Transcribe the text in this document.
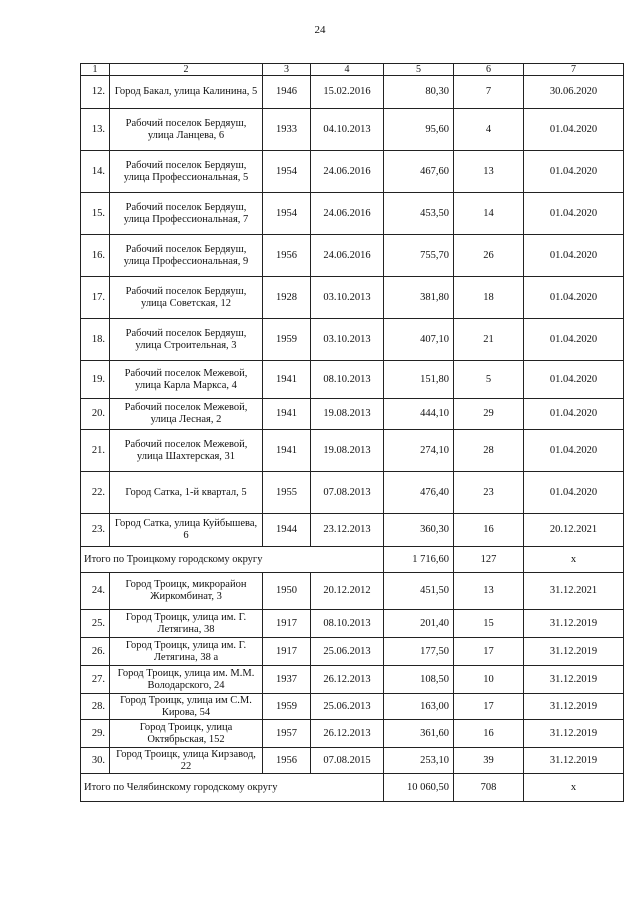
24
1	2	3	4	5	6	7
12.	Город Бакал, улица Калинина, 5	1946	15.02.2016	80,30	7	30.06.2020
13.	Рабочий поселок Бердяуш, улица Ланцева, 6	1933	04.10.2013	95,60	4	01.04.2020
14.	Рабочий поселок Бердяуш, улица Профессиональная, 5	1954	24.06.2016	467,60	13	01.04.2020
15.	Рабочий поселок Бердяуш, улица Профессиональная, 7	1954	24.06.2016	453,50	14	01.04.2020
16.	Рабочий поселок Бердяуш, улица Профессиональная, 9	1956	24.06.2016	755,70	26	01.04.2020
17.	Рабочий поселок Бердяуш, улица Советская, 12	1928	03.10.2013	381,80	18	01.04.2020
18.	Рабочий поселок Бердяуш, улица Строительная, 3	1959	03.10.2013	407,10	21	01.04.2020
19.	Рабочий поселок Межевой, улица Карла Маркса, 4	1941	08.10.2013	151,80	5	01.04.2020
20.	Рабочий поселок Межевой, улица Лесная, 2	1941	19.08.2013	444,10	29	01.04.2020
21.	Рабочий поселок Межевой, улица Шахтерская, 31	1941	19.08.2013	274,10	28	01.04.2020
22.	Город Сатка, 1-й квартал, 5	1955	07.08.2013	476,40	23	01.04.2020
23.	Город Сатка, улица Куйбышева, 6	1944	23.12.2013	360,30	16	20.12.2021
Итого по Троицкому городскому округу				1 716,60	127	х
24.	Город Троицк, микрорайон Жиркомбинат, 3	1950	20.12.2012	451,50	13	31.12.2021
25.	Город Троицк, улица им. Г. Летягина, 38	1917	08.10.2013	201,40	15	31.12.2019
26.	Город Троицк, улица им. Г. Летягина, 38 а	1917	25.06.2013	177,50	17	31.12.2019
27.	Город Троицк, улица им. М.М. Володарского, 24	1937	26.12.2013	108,50	10	31.12.2019
28.	Город Троицк, улица им С.М. Кирова, 54	1959	25.06.2013	163,00	17	31.12.2019
29.	Город Троицк, улица Октябрьская, 152	1957	26.12.2013	361,60	16	31.12.2019
30.	Город Троицк, улица Кирзавод, 22	1956	07.08.2015	253,10	39	31.12.2019
Итого по Челябинскому городскому округу				10 060,50	708	х
